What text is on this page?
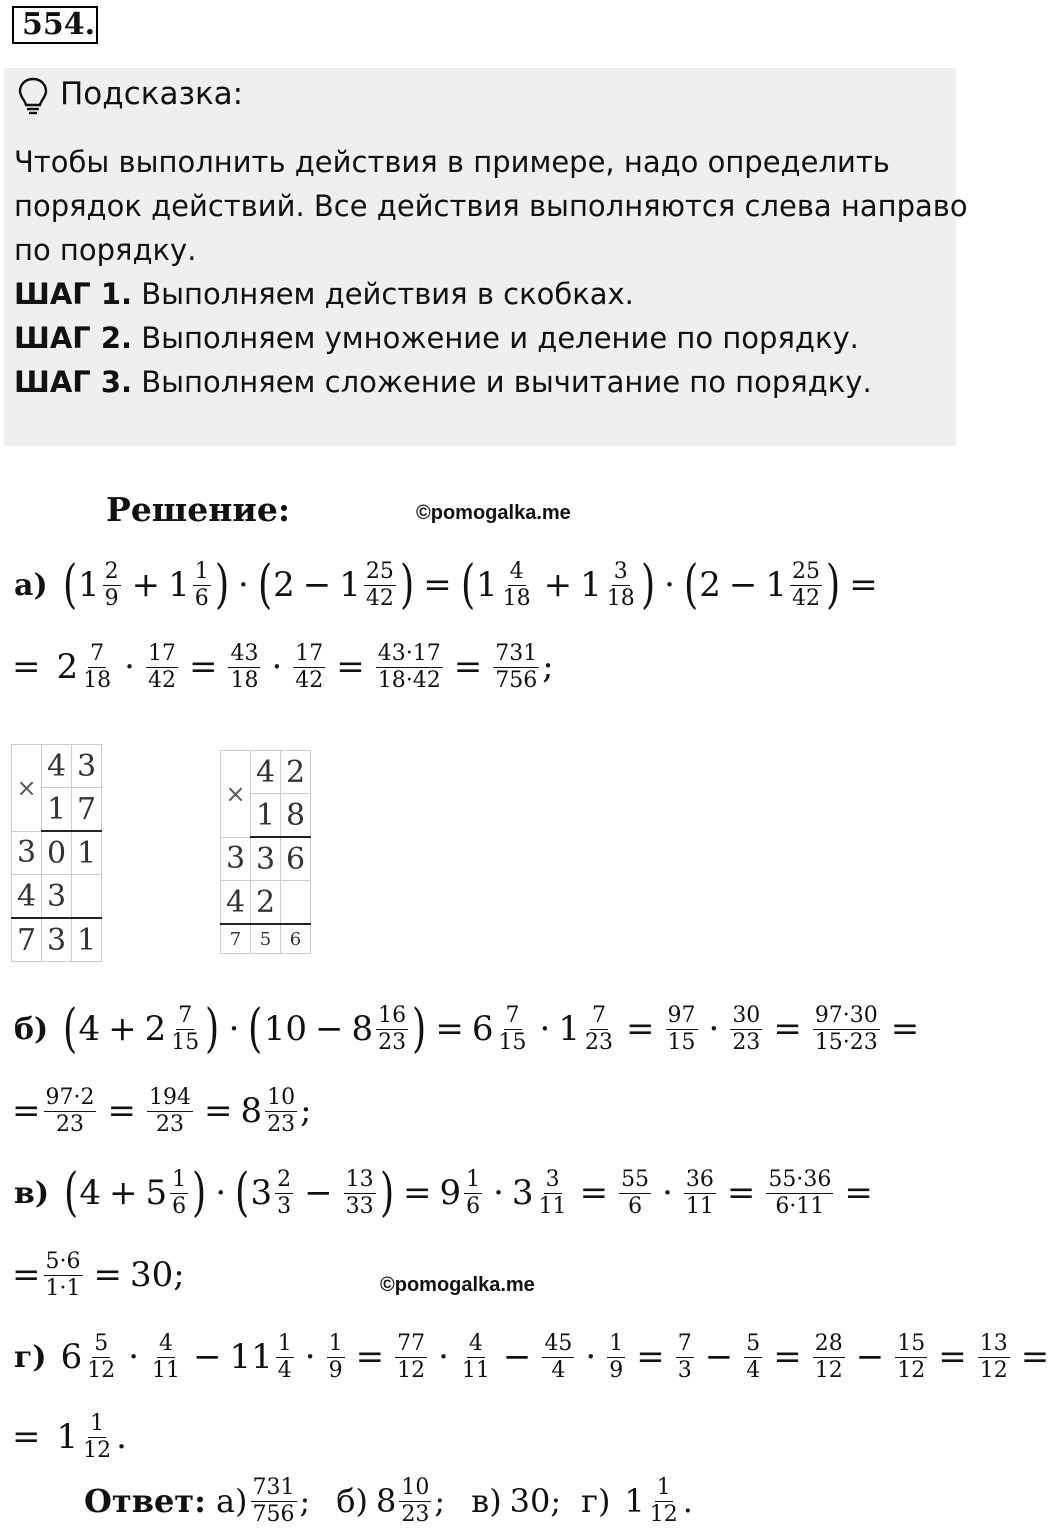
554.
Подсказка:
Чтобы выполнить действия в примере, надо определить
порядок действий. Все действия выполняются слева направо
по порядку.
ШАГ 1. Выполняем действия в скобках.
ШАГ 2. Выполняем умножение и деление по порядку.
ШАГ 3. Выполняем сложение и вычитание по порядку.
Решение:	©pomogalka.me
а) ( $1 \frac{2}{9} + 1 \frac{1}{6}$ ) · ( $2 - 1 \frac{25}{42}$ ) = ( $1 \frac{4}{18} + 1 \frac{3}{18}$ ) · ( $2 - 1 \frac{25}{42}$ ) =
= $2 \frac{7}{18} \cdot \frac{17}{42} = \frac{43}{18} \cdot \frac{17}{42} = \frac{43\cdot 17}{18\cdot 42} = \frac{731}{756}$ ;
×	4	3
	1	7
3	0	1
4	3	
7	3	1
×	4	2
	1	8
3	3	6
4	2	
7	5	6
б) ( $4 + 2 \frac{7}{15}$ ) · ( $10 - 8 \frac{16}{23}$ ) = $6 \frac{7}{15} \cdot 1 \frac{7}{23} = \frac{97}{15} \cdot \frac{30}{23} = \frac{97\cdot 30}{15\cdot 23}$ =
= $\frac{97\cdot 2}{23} = \frac{194}{23} = 8 \frac{10}{23}$ ;
в) ( $4 + 5 \frac{1}{6}$ ) · ( $3 \frac{2}{3} - \frac{13}{33}$ ) = $9 \frac{1}{6} \cdot 3 \frac{3}{11} = \frac{55}{6} \cdot \frac{36}{11} = \frac{55\cdot 36}{6\cdot 11}$ =
= $\frac{5\cdot 6}{1\cdot 1} = 30$;	©pomogalka.me
г) $6 \frac{5}{12} \cdot \frac{4}{11} - 11 \frac{1}{4} \cdot \frac{1}{9} = \frac{77}{12} \cdot \frac{4}{11} - \frac{45}{4} \cdot \frac{1}{9} = \frac{7}{3} - \frac{5}{4} = \frac{28}{12} - \frac{15}{12} = \frac{13}{12}$ =
= $1 \frac{1}{12}$ .
Ответ: $а) \frac{731}{756}$ ; б) $8 \frac{10}{23}$ ; в) 30; г) $1 \frac{1}{12}$ .
